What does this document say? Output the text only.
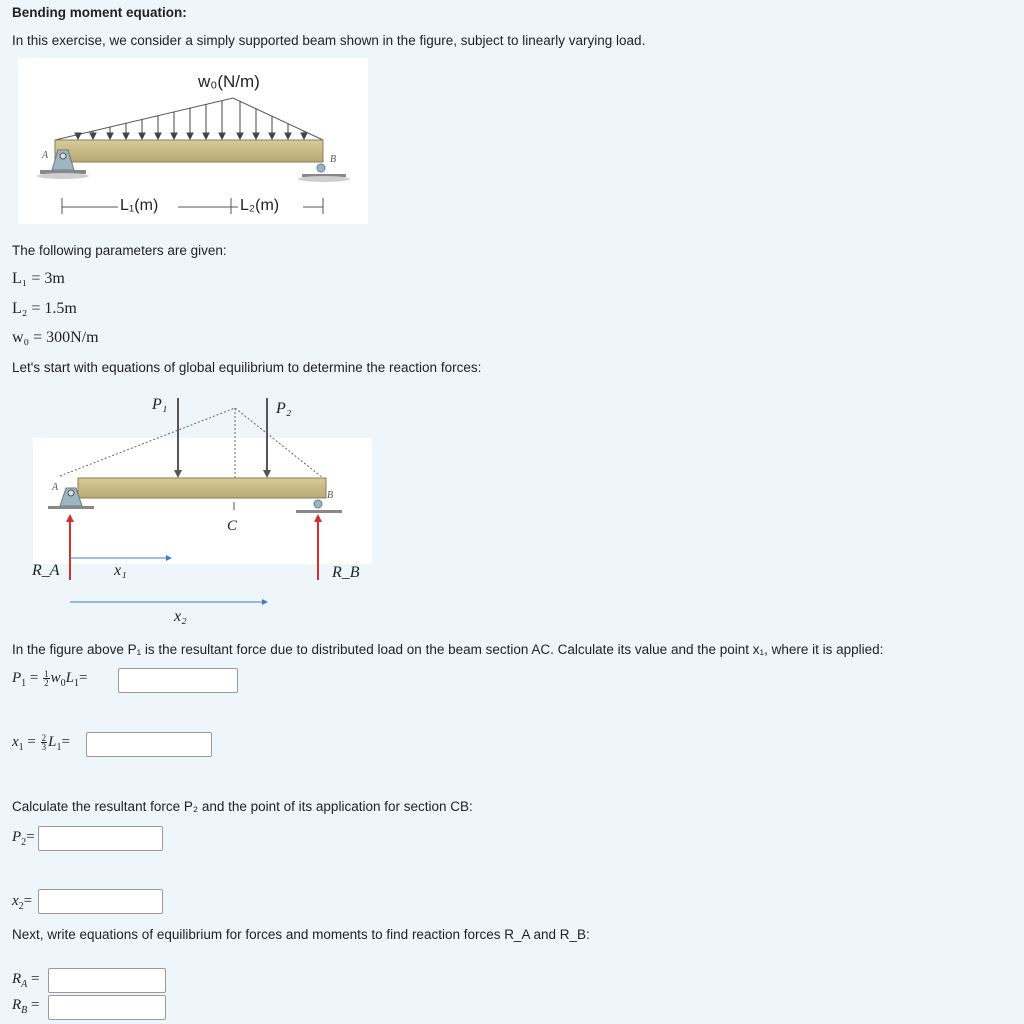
Bending moment equation:
In this exercise, we consider a simply supported beam shown in the figure, subject to linearly varying load.
w₀(N/m)
A	B
L₁(m)	L₂(m)
The following parameters are given:
L₁ = 3m
L₂ = 1.5m
w₀ = 300N/m
Let's start with equations of global equilibrium to determine the reaction forces:
P₁	P₂
A
B
C
R_A	R_B
x₁
x₂
In the figure above P₁ is the resultant force due to distributed load on the beam section AC. Calculate its value and the point x₁, where it is applied:
$P_1 = \frac{1}{2} w_0L_1=$
$x_1 = \frac{2}{3} L_1=$
Calculate the resultant force P₂ and the point of its application for section CB:
$P_2=$
$x_2=$
Next, write equations of equilibrium for forces and moments to find reaction forces R_A and R_B:
$R_A$ =
$R_B$ =
